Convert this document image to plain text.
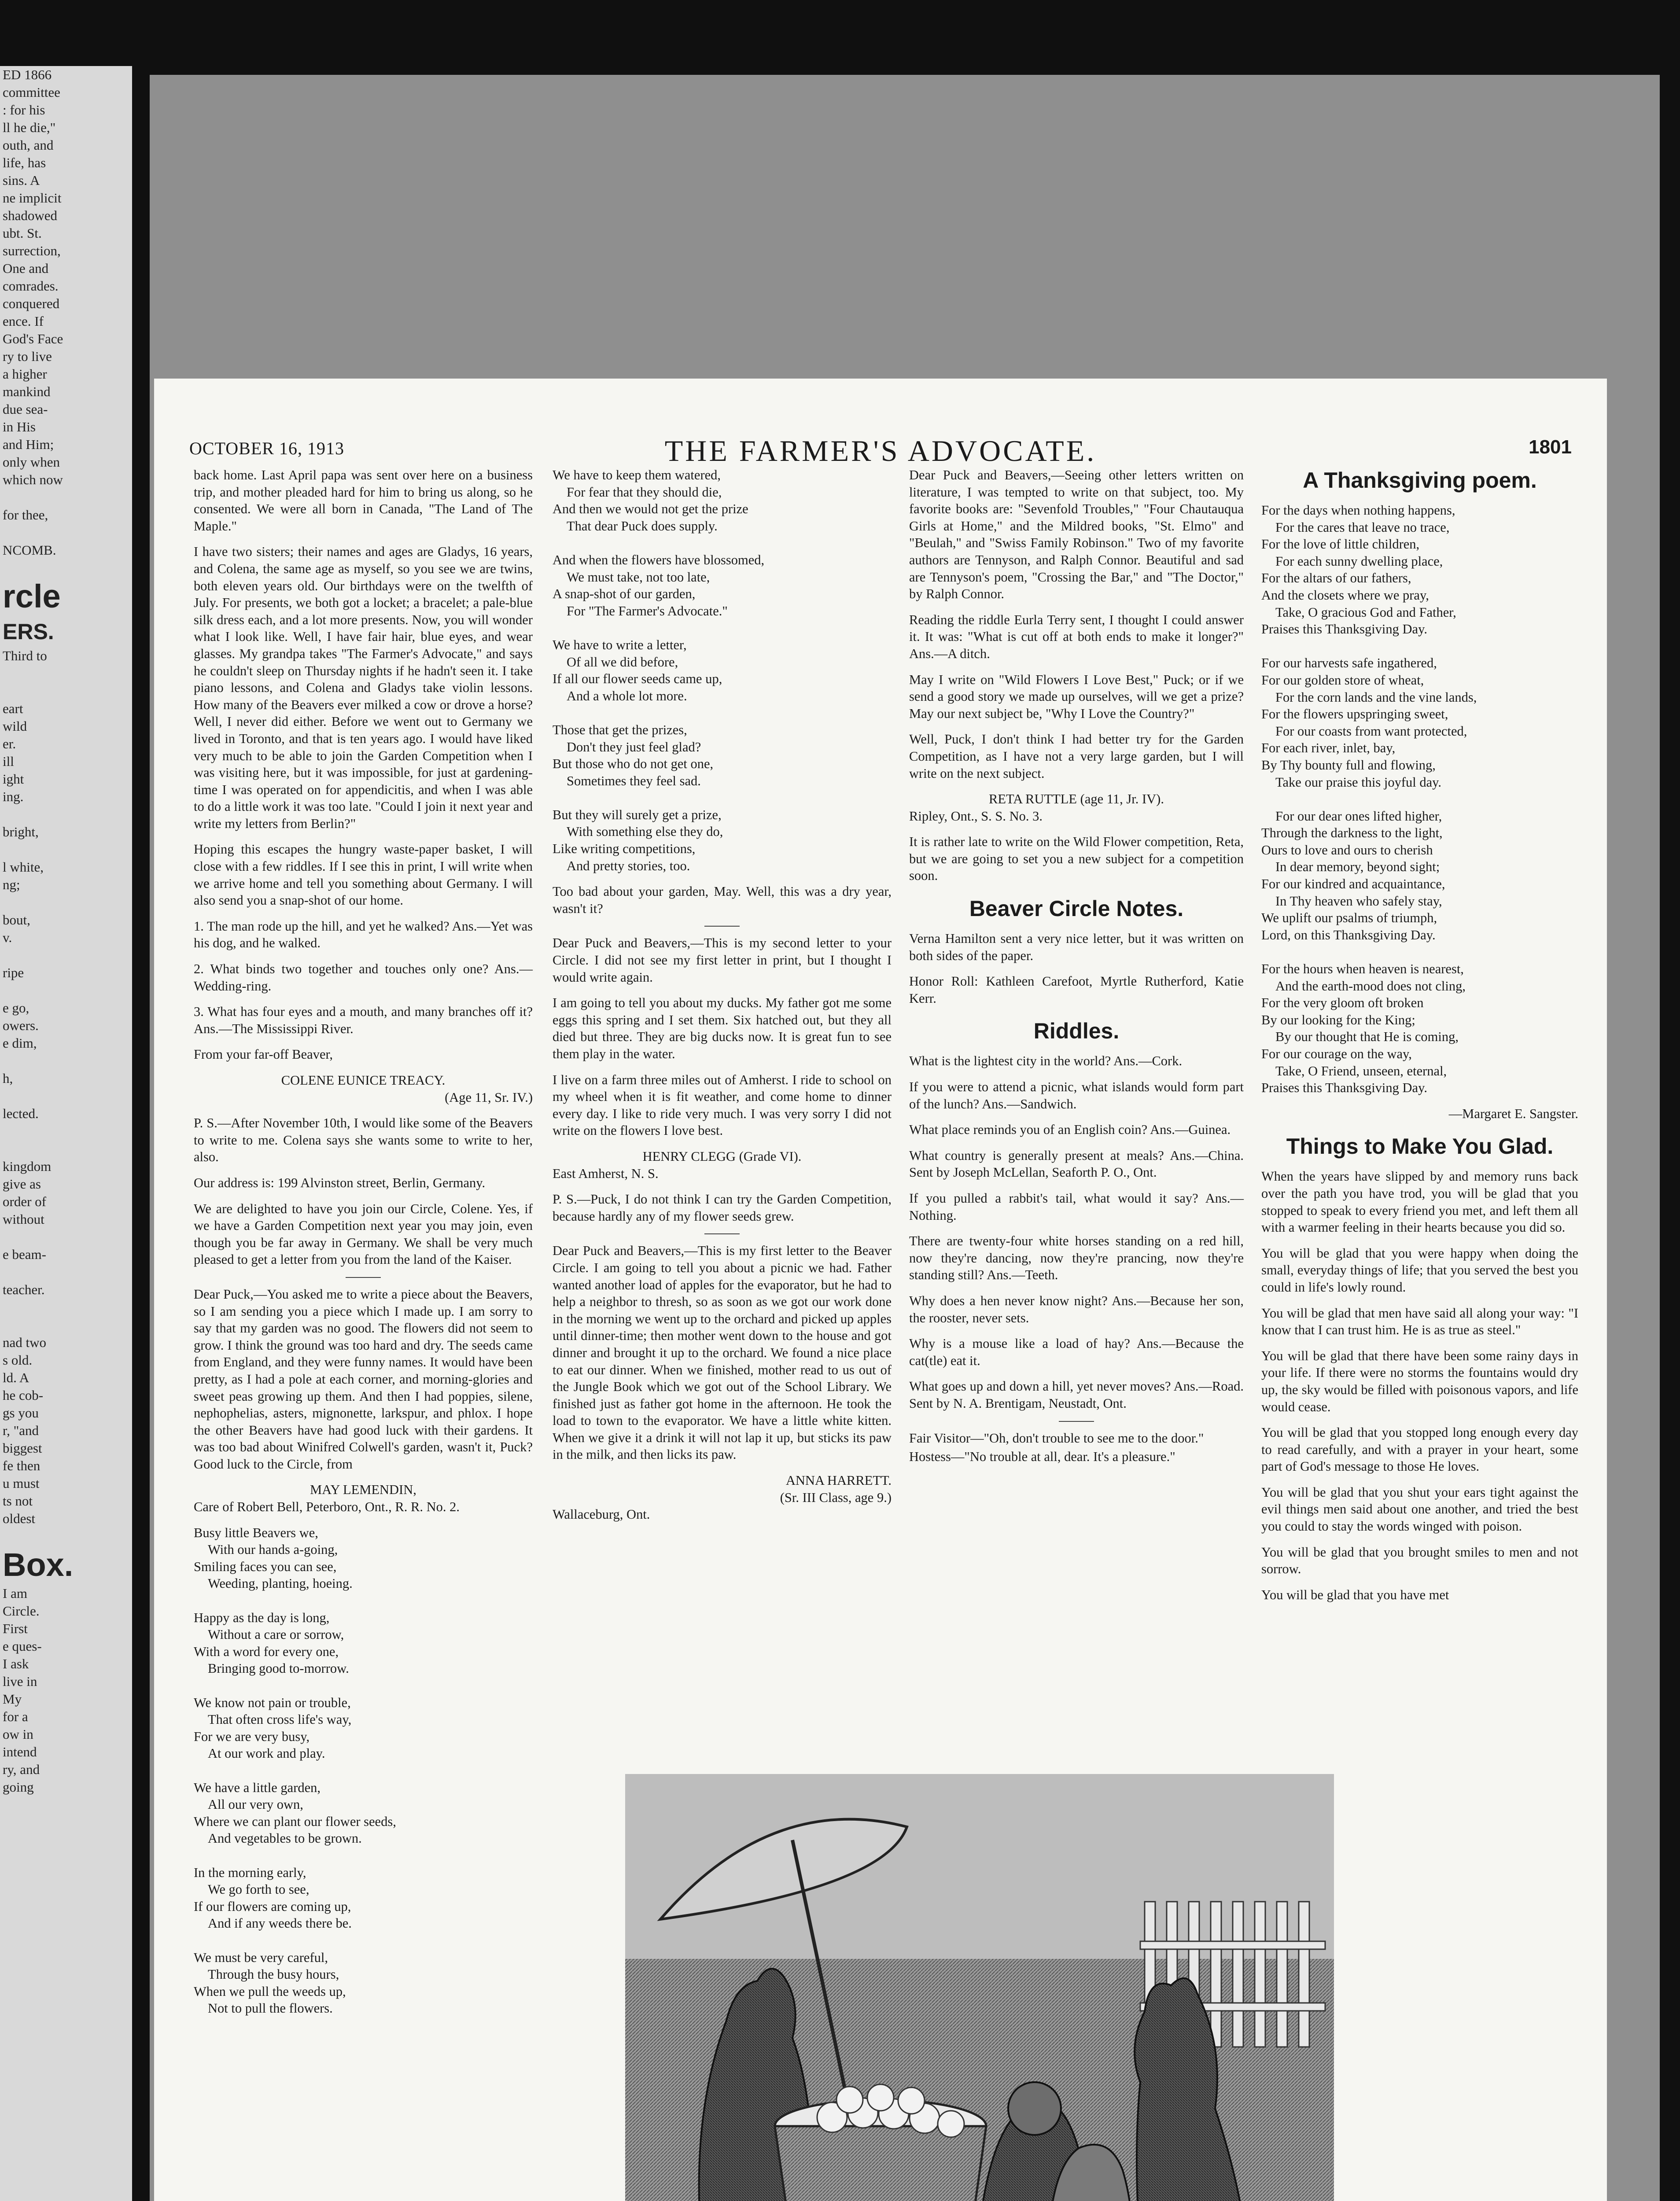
ED 1866
committee
: for his
ll he die,"
outh, and
life, has
sins. A
ne implicit
shadowed
ubt. St.
surrection,
One and
comrades.
conquered
ence. If
God's Face
ry to live
a higher
mankind
due sea-
in His
and Him;
only when
which now

for thee,

NCOMB.

rcle
ERS.
Third to

eart
wild
er.
ill
ight
ing.

bright,

l white,
ng;

bout,
v.

ripe

e go,
owers.
e dim,

h,

lected.

kingdom
give as
order of
without

e beam-

teacher.

nad two
s old.
ld. A
he cob-
gs you
r, "and
biggest
fe then
u must
ts not
oldest

Box.
I am
Circle.
First
e ques-
I ask
live in
My
for a
ow in
intend
ry, and
going
OCTOBER 16, 1913	THE FARMER'S ADVOCATE.	1801

back home. Last April papa was sent over here on a business trip, and mother pleaded hard for him to bring us along, so he consented. We were all born in Canada, "The Land of The Maple."

I have two sisters; their names and ages are Gladys, 16 years, and Colena, the same age as myself, so you see we are twins, both eleven years old. Our birthdays were on the twelfth of July. For presents, we both got a locket; a bracelet; a pale-blue silk dress each, and a lot more presents. Now, you will wonder what I look like. Well, I have fair hair, blue eyes, and wear glasses. My grandpa takes "The Farmer's Advocate," and says he couldn't sleep on Thursday nights if he hadn't seen it. I take piano lessons, and Colena and Gladys take violin lessons. How many of the Beavers ever milked a cow or drove a horse? Well, I never did either. Before we went out to Germany we lived in Toronto, and that is ten years ago. I would have liked very much to be able to join the Garden Competition when I was visiting here, but it was impossible, for just at gardening-time I was operated on for appendicitis, and when I was able to do a little work it was too late. "Could I join it next year and write my letters from Berlin?"

Hoping this escapes the hungry waste-paper basket, I will close with a few riddles. If I see this in print, I will write when we arrive home and tell you something about Germany. I will also send you a snap-shot of our home.

1. The man rode up the hill, and yet he walked? Ans.—Yet was his dog, and he walked.

2. What binds two together and touches only one? Ans.—Wedding-ring.

3. What has four eyes and a mouth, and many branches off it? Ans.—The Mississippi River.

From your far-off Beaver,

COLENE EUNICE TREACY.

(Age 11, Sr. IV.)

P. S.—After November 10th, I would like some of the Beavers to write to me. Colena says she wants some to write to her, also.

Our address is: 199 Alvinston street, Berlin, Germany.

We are delighted to have you join our Circle, Colene. Yes, if we have a Garden Competition next year you may join, even though you be far away in Germany. We shall be very much pleased to get a letter from you from the land of the Kaiser.

Dear Puck,—You asked me to write a piece about the Beavers, so I am sending you a piece which I made up. I am sorry to say that my garden was no good. The flowers did not seem to grow. I think the ground was too hard and dry. The seeds came from England, and they were funny names. It would have been pretty, as I had a pole at each corner, and morning-glories and sweet peas growing up them. And then I had poppies, silene, nephophelias, asters, mignonette, larkspur, and phlox. I hope the other Beavers have had good luck with their gardens. It was too bad about Winifred Colwell's garden, wasn't it, Puck? Good luck to the Circle, from

MAY LEMENDIN,

Care of Robert Bell, Peterboro, Ont., R. R. No. 2.

Busy little Beavers we,
With our hands a-going,
Smiling faces you can see,
Weeding, planting, hoeing.

Happy as the day is long,
Without a care or sorrow,
With a word for every one,
Bringing good to-morrow.

We know not pain or trouble,
That often cross life's way,
For we are very busy,
At our work and play.

We have a little garden,
All our very own,
Where we can plant our flower seeds,
And vegetables to be grown.

In the morning early,
We go forth to see,
If our flowers are coming up,
And if any weeds there be.

We must be very careful,
Through the busy hours,
When we pull the weeds up,
Not to pull the flowers.
We have to keep them watered,
For fear that they should die,
And then we would not get the prize
That dear Puck does supply.

And when the flowers have blossomed,
We must take, not too late,
A snap-shot of our garden,
For "The Farmer's Advocate."

We have to write a letter,
Of all we did before,
If all our flower seeds came up,
And a whole lot more.

Those that get the prizes,
Don't they just feel glad?
But those who do not get one,
Sometimes they feel sad.

But they will surely get a prize,
With something else they do,
Like writing competitions,
And pretty stories, too.

Too bad about your garden, May. Well, this was a dry year, wasn't it?

Dear Puck and Beavers,—This is my second letter to your Circle. I did not see my first letter in print, but I thought I would write again.

I am going to tell you about my ducks. My father got me some eggs this spring and I set them. Six hatched out, but they all died but three. They are big ducks now. It is great fun to see them play in the water.

I live on a farm three miles out of Amherst. I ride to school on my wheel when it is fit weather, and come home to dinner every day. I like to ride very much. I was very sorry I did not write on the flowers I love best.

HENRY CLEGG (Grade VI).

East Amherst, N. S.

P. S.—Puck, I do not think I can try the Garden Competition, because hardly any of my flower seeds grew.

Dear Puck and Beavers,—This is my first letter to the Beaver Circle. I am going to tell you about a picnic we had. Father wanted another load of apples for the evaporator, but he had to help a neighbor to thresh, so as soon as we got our work done in the morning we went up to the orchard and picked up apples until dinner-time; then mother went down to the house and got dinner and brought it up to the orchard. We found a nice place to eat our dinner. When we finished, mother read to us out of the Jungle Book which we got out of the School Library. We finished just as father got home in the afternoon. He took the load to town to the evaporator. We have a little white kitten. When we give it a drink it will not lap it up, but sticks its paw in the milk, and then licks its paw.

ANNA HARRETT.
(Sr. III Class, age 9.)

Wallaceburg, Ont.

Dear Puck and Beavers,—Seeing other letters written on literature, I was tempted to write on that subject, too. My favorite books are: "Sevenfold Troubles," "Four Chautauqua Girls at Home," and the Mildred books, "St. Elmo" and "Beulah," and "Swiss Family Robinson." Two of my favorite authors are Tennyson, and Ralph Connor. Beautiful and sad are Tennyson's poem, "Crossing the Bar," and "The Doctor," by Ralph Connor.

Reading the riddle Eurla Terry sent, I thought I could answer it. It was: "What is cut off at both ends to make it longer?" Ans.—A ditch.

May I write on "Wild Flowers I Love Best," Puck; or if we send a good story we made up ourselves, will we get a prize? May our next subject be, "Why I Love the Country?"

Well, Puck, I don't think I had better try for the Garden Competition, as I have not a very large garden, but I will write on the next subject.

RETA RUTTLE (age 11, Jr. IV).

Ripley, Ont., S. S. No. 3.

It is rather late to write on the Wild Flower competition, Reta, but we are going to set you a new subject for a competition soon.

Beaver Circle Notes.

Verna Hamilton sent a very nice letter, but it was written on both sides of the paper.

Honor Roll: Kathleen Carefoot, Myrtle Rutherford, Katie Kerr.

Riddles.

What is the lightest city in the world? Ans.—Cork.

If you were to attend a picnic, what islands would form part of the lunch? Ans.—Sandwich.

What place reminds you of an English coin? Ans.—Guinea.

What country is generally present at meals? Ans.—China. Sent by Joseph McLellan, Seaforth P. O., Ont.

If you pulled a rabbit's tail, what would it say? Ans.—Nothing.

There are twenty-four white horses standing on a red hill, now they're dancing, now they're prancing, now they're standing still? Ans.—Teeth.

Why does a hen never know night? Ans.—Because her son, the rooster, never sets.

Why is a mouse like a load of hay? Ans.—Because the cat(tle) eat it.

What goes up and down a hill, yet never moves? Ans.—Road. Sent by N. A. Brentigam, Neustadt, Ont.

Fair Visitor—"Oh, don't trouble to see me to the door."

Hostess—"No trouble at all, dear. It's a pleasure."

A Thanksgiving poem.
For the days when nothing happens,
For the cares that leave no trace,
For the love of little children,
For each sunny dwelling place,
For the altars of our fathers,
And the closets where we pray,
Take, O gracious God and Father,
Praises this Thanksgiving Day.

For our harvests safe ingathered,
For our golden store of wheat,
For the corn lands and the vine lands,
For the flowers upspringing sweet,
For our coasts from want protected,
For each river, inlet, bay,
By Thy bounty full and flowing,
Take our praise this joyful day.

For our dear ones lifted higher,
Through the darkness to the light,
Ours to love and ours to cherish
In dear memory, beyond sight;
For our kindred and acquaintance,
In Thy heaven who safely stay,
We uplift our psalms of triumph,
Lord, on this Thanksgiving Day.

For the hours when heaven is nearest,
And the earth-mood does not cling,
For the very gloom oft broken
By our looking for the King;
By our thought that He is coming,
For our courage on the way,
Take, O Friend, unseen, eternal,
Praises this Thanksgiving Day.

—Margaret E. Sangster.

Things to Make You Glad.

When the years have slipped by and memory runs back over the path you have trod, you will be glad that you stopped to speak to every friend you met, and left them all with a warmer feeling in their hearts because you did so.

You will be glad that you were happy when doing the small, everyday things of life; that you served the best you could in life's lowly round.

You will be glad that men have said all along your way: "I know that I can trust him. He is as true as steel."

You will be glad that there have been some rainy days in your life. If there were no storms the fountains would dry up, the sky would be filled with poisonous vapors, and life would cease.

You will be glad that you stopped long enough every day to read carefully, and with a prayer in your heart, some part of God's message to those He loves.

You will be glad that you shut your ears tight against the evil things men said about one another, and tried the best you could to stay the words winged with poison.

You will be glad that you brought smiles to men and not sorrow.

You will be glad that you have met
